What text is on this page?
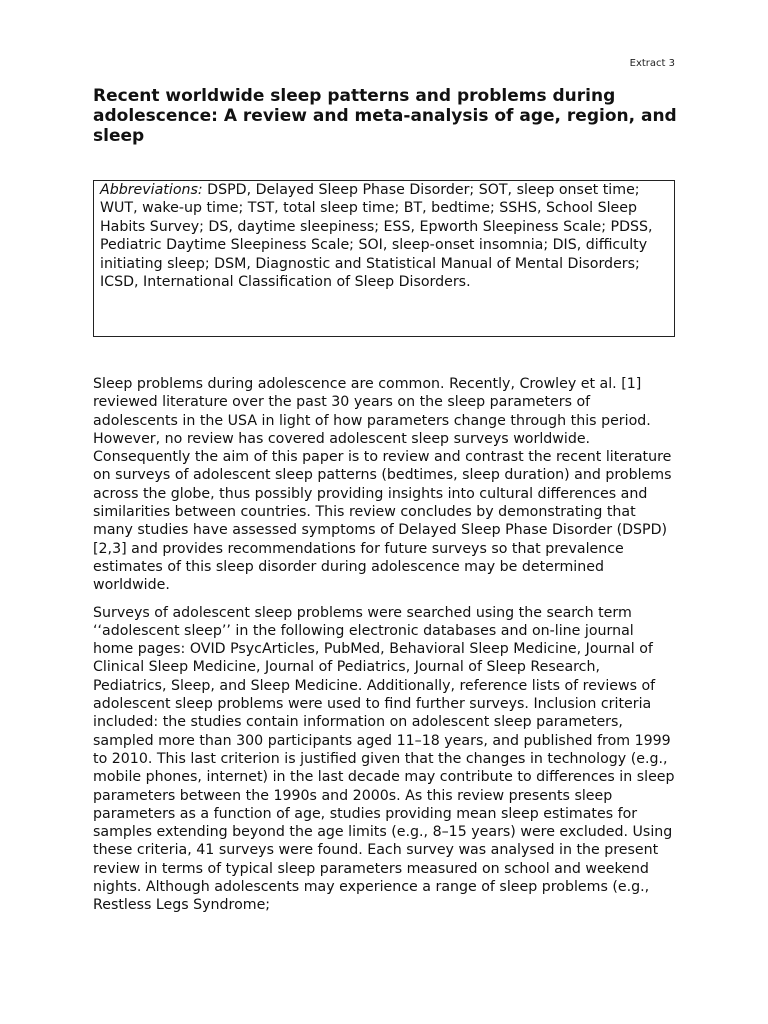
Extract 3
Recent worldwide sleep patterns and problems during adolescence: A review and meta-analysis of age, region, and sleep
Abbreviations: DSPD, Delayed Sleep Phase Disorder; SOT, sleep onset time; WUT, wake-up time; TST, total sleep time; BT, bedtime; SSHS, School Sleep Habits Survey; DS, daytime sleepiness; ESS, Epworth Sleepiness Scale; PDSS, Pediatric Daytime Sleepiness Scale; SOI, sleep-onset insomnia; DIS, difficulty initiating sleep; DSM, Diagnostic and Statistical Manual of Mental Disorders; ICSD, International Classification of Sleep Disorders.

Sleep problems during adolescence are common. Recently, Crowley et al. [1] reviewed literature over the past 30 years on the sleep parameters of adolescents in the USA in light of how parameters change through this period. However, no review has covered adolescent sleep surveys worldwide. Consequently the aim of this paper is to review and contrast the recent literature on surveys of adolescent sleep patterns (bedtimes, sleep duration) and problems across the globe, thus possibly providing insights into cultural differences and similarities between countries. This review concludes by demonstrating that many studies have assessed symptoms of Delayed Sleep Phase Disorder (DSPD) [2,3] and provides recommendations for future surveys so that prevalence estimates of this sleep disorder during adolescence may be determined worldwide.

Surveys of adolescent sleep problems were searched using the search term ‘‘adolescent sleep’’ in the following electronic databases and on-line journal home pages: OVID PsycArticles, PubMed, Behavioral Sleep Medicine, Journal of Clinical Sleep Medicine, Journal of Pediatrics, Journal of Sleep Research, Pediatrics, Sleep, and Sleep Medicine. Additionally, reference lists of reviews of adolescent sleep problems were used to find further surveys. Inclusion criteria included: the studies contain information on adolescent sleep parameters, sampled more than 300 participants aged 11–18 years, and published from 1999 to 2010. This last criterion is justified given that the changes in technology (e.g., mobile phones, internet) in the last decade may contribute to differences in sleep parameters between the 1990s and 2000s. As this review presents sleep parameters as a function of age, studies providing mean sleep estimates for samples extending beyond the age limits (e.g., 8–15 years) were excluded. Using these criteria, 41 surveys were found. Each survey was analysed in the present review in terms of typical sleep parameters measured on school and weekend nights. Although adolescents may experience a range of sleep problems (e.g., Restless Legs Syndrome;
